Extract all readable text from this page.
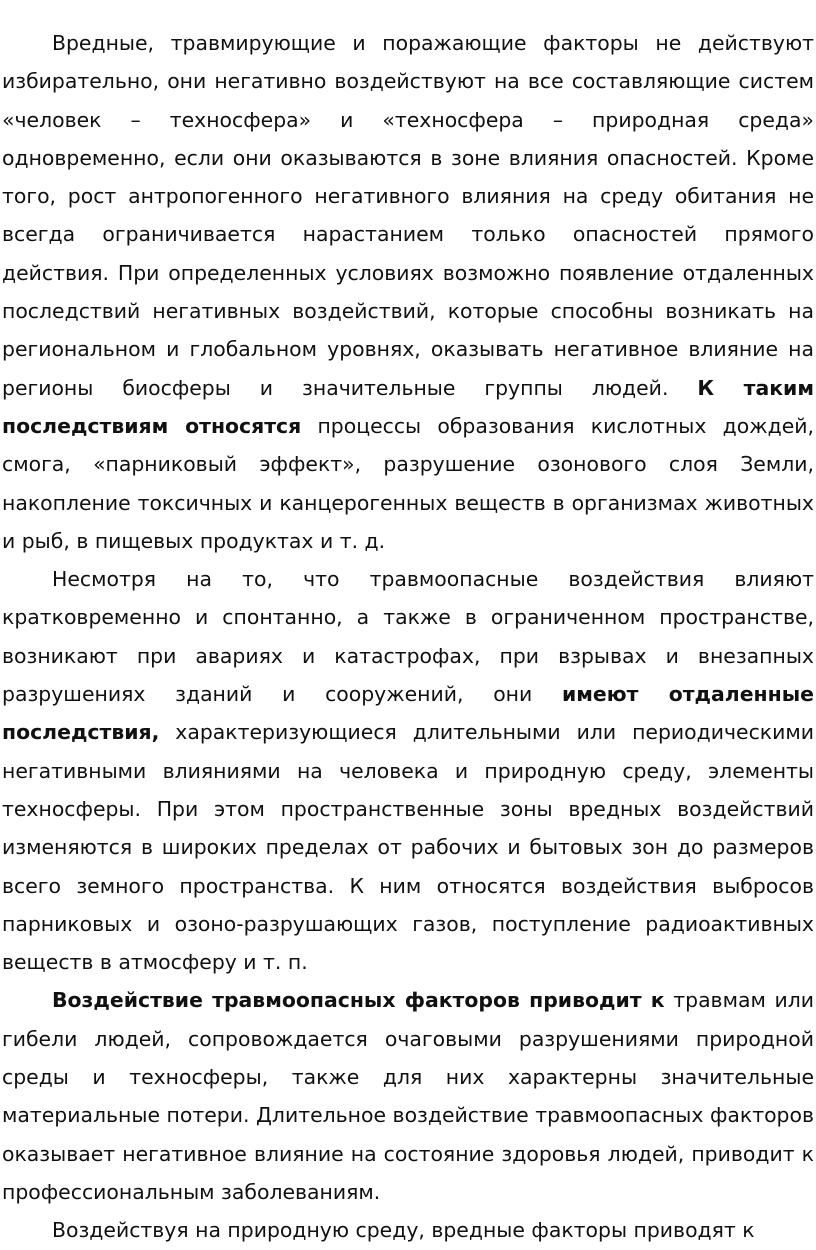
Вредные, травмирующие и поражающие факторы не действуют избирательно, они негативно воздействуют на все составляющие систем «человек – техносфера» и «техносфера – природная среда» одновременно, если они оказываются в зоне влияния опасностей. Кроме того, рост антропогенного негативного влияния на среду обитания не всегда ограничивается нарастанием только опасностей прямого действия. При определенных условиях возможно появление отдаленных последствий негативных воздействий, которые способны возникать на региональном и глобальном уровнях, оказывать негативное влияние на регионы биосферы и значительные группы людей. К таким последствиям относятся процессы образования кислотных дождей, смога, «парниковый эффект», разрушение озонового слоя Земли, накопление токсичных и канцерогенных веществ в организмах животных и рыб, в пищевых продуктах и т. д.

Несмотря на то, что травмоопасные воздействия влияют кратковременно и спонтанно, а также в ограниченном пространстве, возникают при авариях и катастрофах, при взрывах и внезапных разрушениях зданий и сооружений, они имеют отдаленные последствия, характеризующиеся длительными или периодическими негативными влияниями на человека и природную среду, элементы техносферы. При этом пространственные зоны вредных воздействий изменяются в широких пределах от рабочих и бытовых зон до размеров всего земного пространства. К ним относятся воздействия выбросов парниковых и озоно-разрушающих газов, поступление радиоактивных веществ в атмосферу и т. п.

Воздействие травмоопасных факторов приводит к травмам или гибели людей, сопровождается очаговыми разрушениями природной среды и техносферы, также для них характерны значительные материальные потери. Длительное воздействие травмоопасных факторов оказывает негативное влияние на состояние здоровья людей, приводит к профессиональным заболеваниям.

Воздействуя на природную среду, вредные факторы приводят к
